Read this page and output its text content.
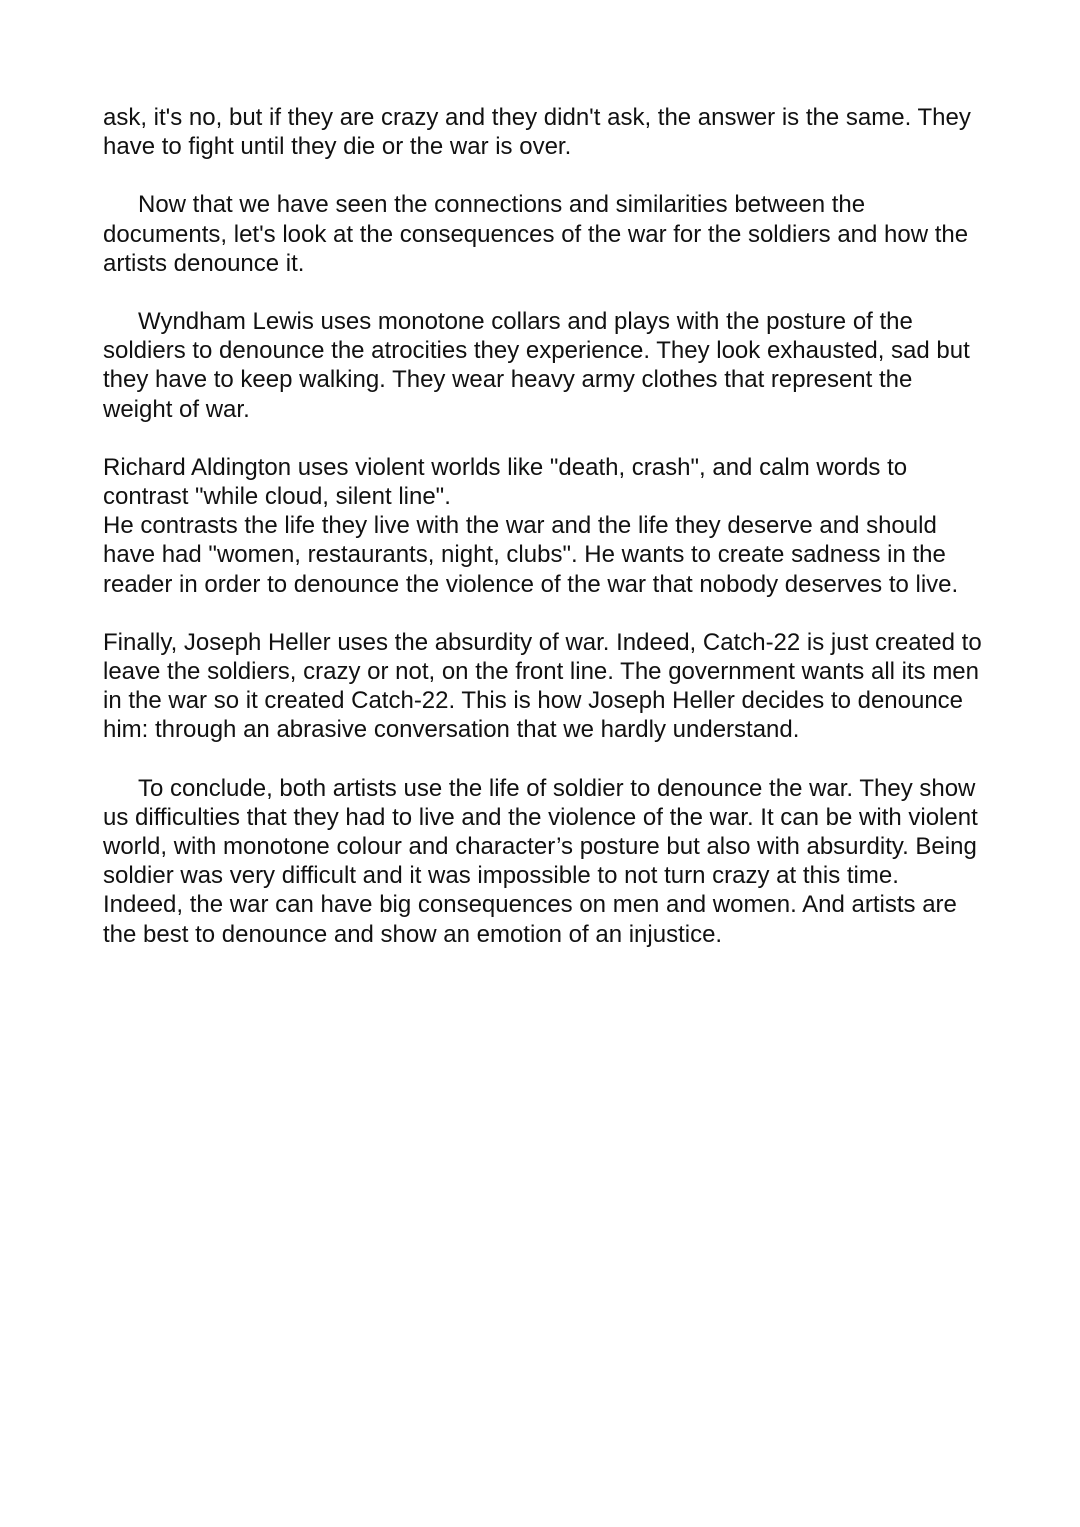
ask, it's no, but if they are crazy and they didn't ask, the answer is the same. They have to fight until they die or the war is over.

Now that we have seen the connections and similarities between the documents, let's look at the consequences of the war for the soldiers and how the artists denounce it.

Wyndham Lewis uses monotone collars and plays with the posture of the soldiers to denounce the atrocities they experience. They look exhausted, sad but they have to keep walking. They wear heavy army clothes that represent the weight of war.

Richard Aldington uses violent worlds like "death, crash", and calm words to contrast "while cloud, silent line".

He contrasts the life they live with the war and the life they deserve and should have had "women, restaurants, night, clubs". He wants to create sadness in the reader in order to denounce the violence of the war that nobody deserves to live.

Finally, Joseph Heller uses the absurdity of war. Indeed, Catch-22 is just created to leave the soldiers, crazy or not, on the front line. The government wants all its men in the war so it created Catch-22. This is how Joseph Heller decides to denounce him: through an abrasive conversation that we hardly understand.

To conclude, both artists use the life of soldier to denounce the war. They show us difficulties that they had to live and the violence of the war. It can be with violent world, with monotone colour and character’s posture but also with absurdity. Being soldier was very difficult and it was impossible to not turn crazy at this time. Indeed, the war can have big consequences on men and women. And artists are the best to denounce and show an emotion of an injustice.
